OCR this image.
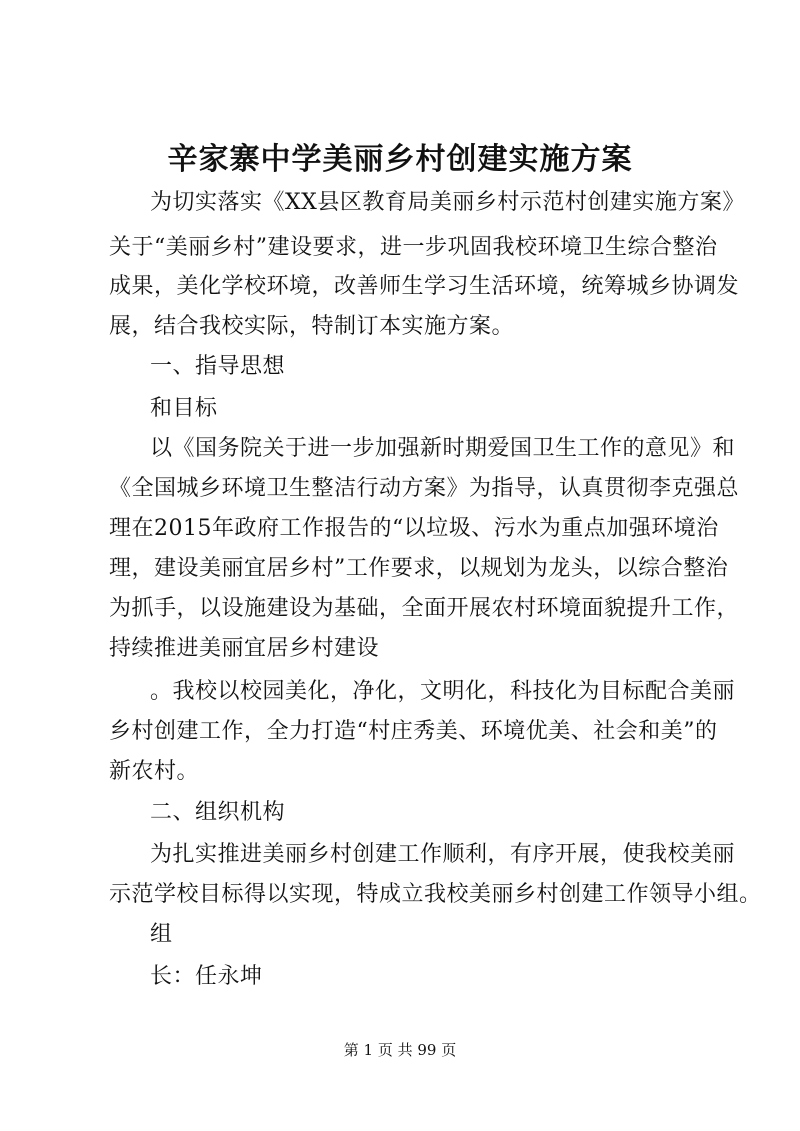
辛家寨中学美丽乡村创建实施方案
为切实落实《XX县区教育局美丽乡村示范村创建实施方案》
关于“美丽乡村”建设要求，进一步巩固我校环境卫生综合整治
成果，美化学校环境，改善师生学习生活环境，统筹城乡协调发
展，结合我校实际，特制订本实施方案。
一、指导思想
和目标
以《国务院关于进一步加强新时期爱国卫生工作的意见》和
《全国城乡环境卫生整洁行动方案》为指导，认真贯彻李克强总
理在2015年政府工作报告的“以垃圾、污水为重点加强环境治
理，建设美丽宜居乡村”工作要求，以规划为龙头，以综合整治
为抓手，以设施建设为基础，全面开展农村环境面貌提升工作，
持续推进美丽宜居乡村建设
。我校以校园美化，净化，文明化，科技化为目标配合美丽
乡村创建工作，全力打造“村庄秀美、环境优美、社会和美”的
新农村。
二、组织机构
为扎实推进美丽乡村创建工作顺利，有序开展，使我校美丽
示范学校目标得以实现，特成立我校美丽乡村创建工作领导小组。
组
长：任永坤
第 1 页 共 99 页
